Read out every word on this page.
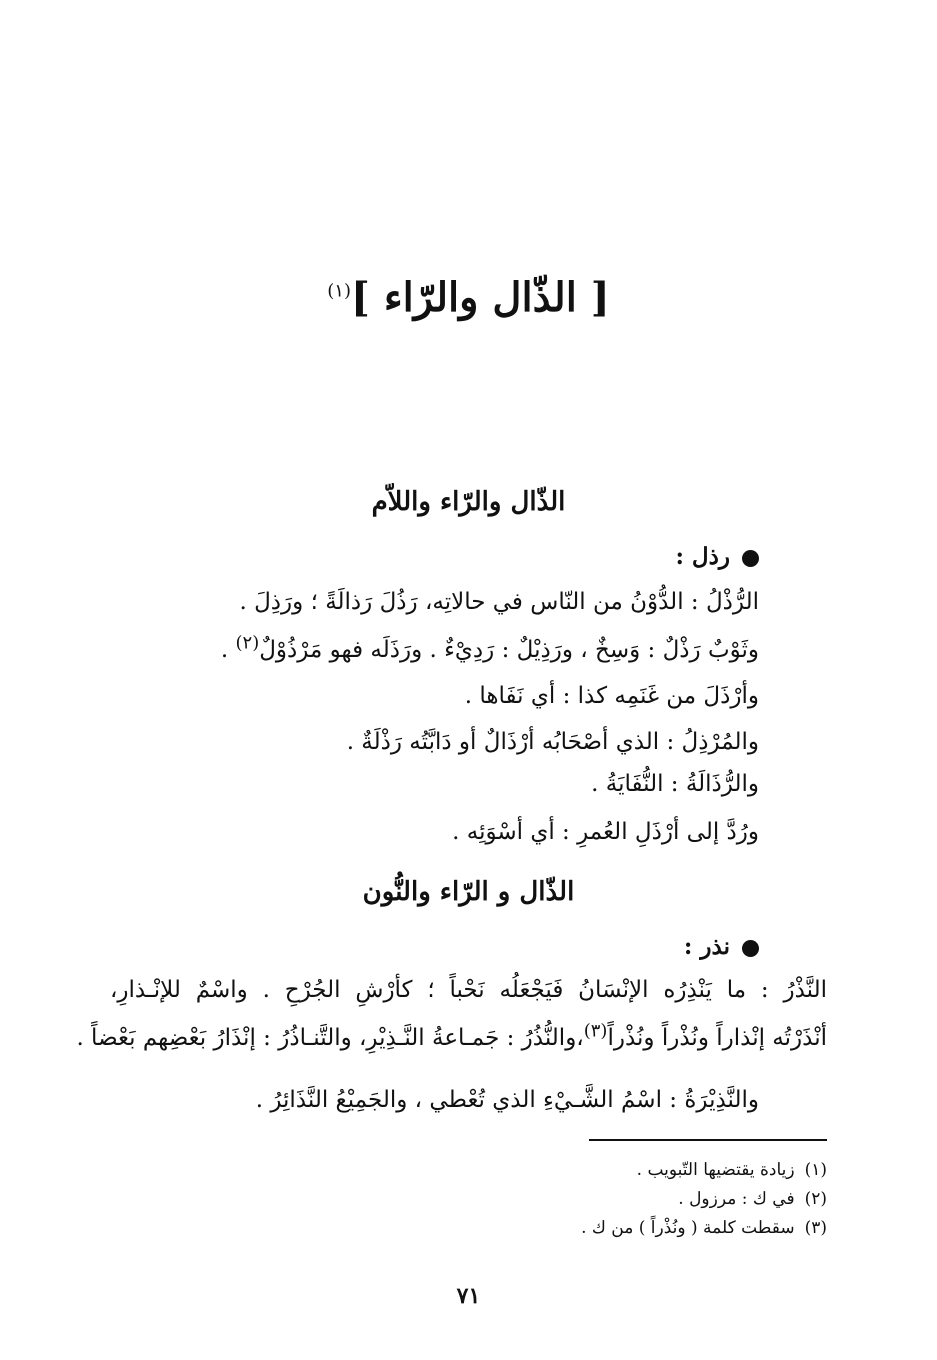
[ الذّال والرّاء ]$^{(١)}$
الذّال والرّاء واللاّم
رذل :
الرُّذْلُ : الدُّوْنُ من النّاس في حالاتِه، رَذُلَ رَذالَةً ؛ ورَذِلَ .
وثَوْبٌ رَذْلٌ : وَسِخٌ ، ورَذِيْلٌ : رَدِيْءٌ . ورَذَلَه فهو مَرْذُوْلٌ$^{(٢)}$ .
وأرْذَلَ من غَنَمِه كذا : أي نَفَاها .
والمُرْذِلُ : الذي أصْحَابُه أرْذَالٌ أو دَابَّتُه رَذْلَةٌ .
والرُّذَالَةُ : النُّفَايَةُ .
ورُدَّ إلى أرْذَلِ العُمرِ : أي أسْوَئِه .
الذّال و الرّاء والنُّون
نذر :
النَّذْرُ : ما يَنْذِرُه الإنْسَانُ فَيَجْعَلُه نَحْباً ؛ كأرْشِ الجُرْحِ . واسْمٌ للإنْـذارِ،
أنْذَرْتُه إنْذاراً ونُذْراً ونُذْراً$^{(٣)}$،والنُّذُرُ : جَمـاعةُ النَّـذِيْرِ، والتَّنـاذُرُ : إنْذَارُ بَعْضِهم بَعْضاً .
والنَّذِيْرَةُ : اسْمُ الشَّـيْءِ الذي تُعْطي ، والجَمِيْعُ النَّذَائِرُ .
(١)زيادة يقتضيها التّبويب .
(٢)في ك : مرزول .
(٣)سقطت كلمة ( ونُذْراً ) من ك .
٧١
